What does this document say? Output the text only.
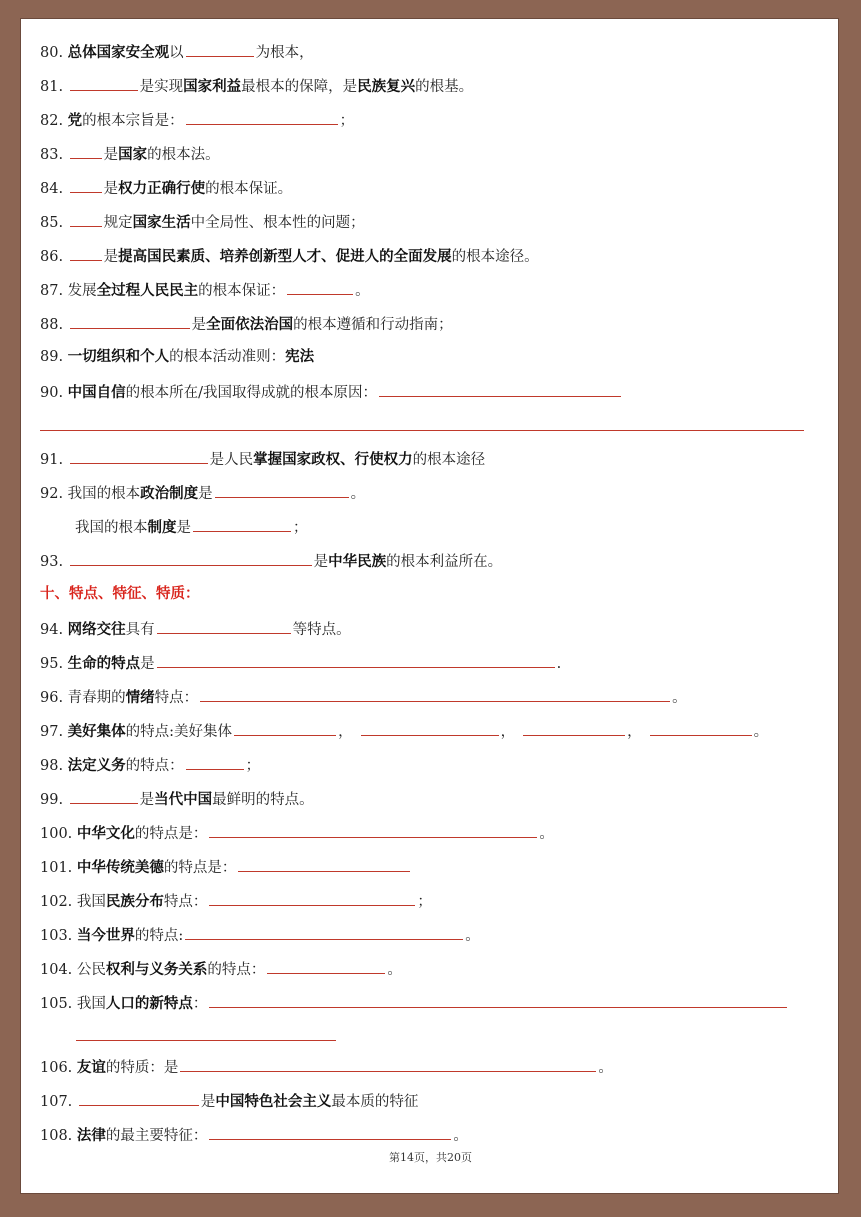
80. 总体国家安全观以	为根本，
81.	是实现国家利益最根本的保障，是民族复兴的根基。
82. 党的根本宗旨是：	；
83.	是国家的根本法。
84.	是权力正确行使的根本保证。
85.	规定国家生活中全局性、根本性的问题；
86.	是提高国民素质、培养创新型人才、促进人的全面发展的根本途径。
87. 发展全过程人民民主的根本保证：	。
88.	是全面依法治国的根本遵循和行动指南；
89. 一切组织和个人的根本活动准则：宪法
90. 中国自信的根本所在/我国取得成就的根本原因：
91.	是人民掌握国家政权、行使权力的根本途径
92. 我国的根本政治制度是	。
我国的根本制度是	；
93.	是中华民族的根本利益所在。
十、特点、特征、特质：
94. 网络交往具有	等特点。
95. 生命的特点是	.
96. 青春期的情绪特点：	。
97. 美好集体的特点:美好集体	，	，	，	。
98. 法定义务的特点：	；
99.	是当代中国最鲜明的特点。
100. 中华文化的特点是：	。
101. 中华传统美德的特点是：
102. 我国民族分布特点：	；
103. 当今世界的特点:	。
104. 公民权利与义务关系的特点：	。
105. 我国人口的新特点：
106. 友谊的特质：是	。
107.	是中国特色社会主义最本质的特征
108. 法律的最主要特征：	。
第14页，共20页
